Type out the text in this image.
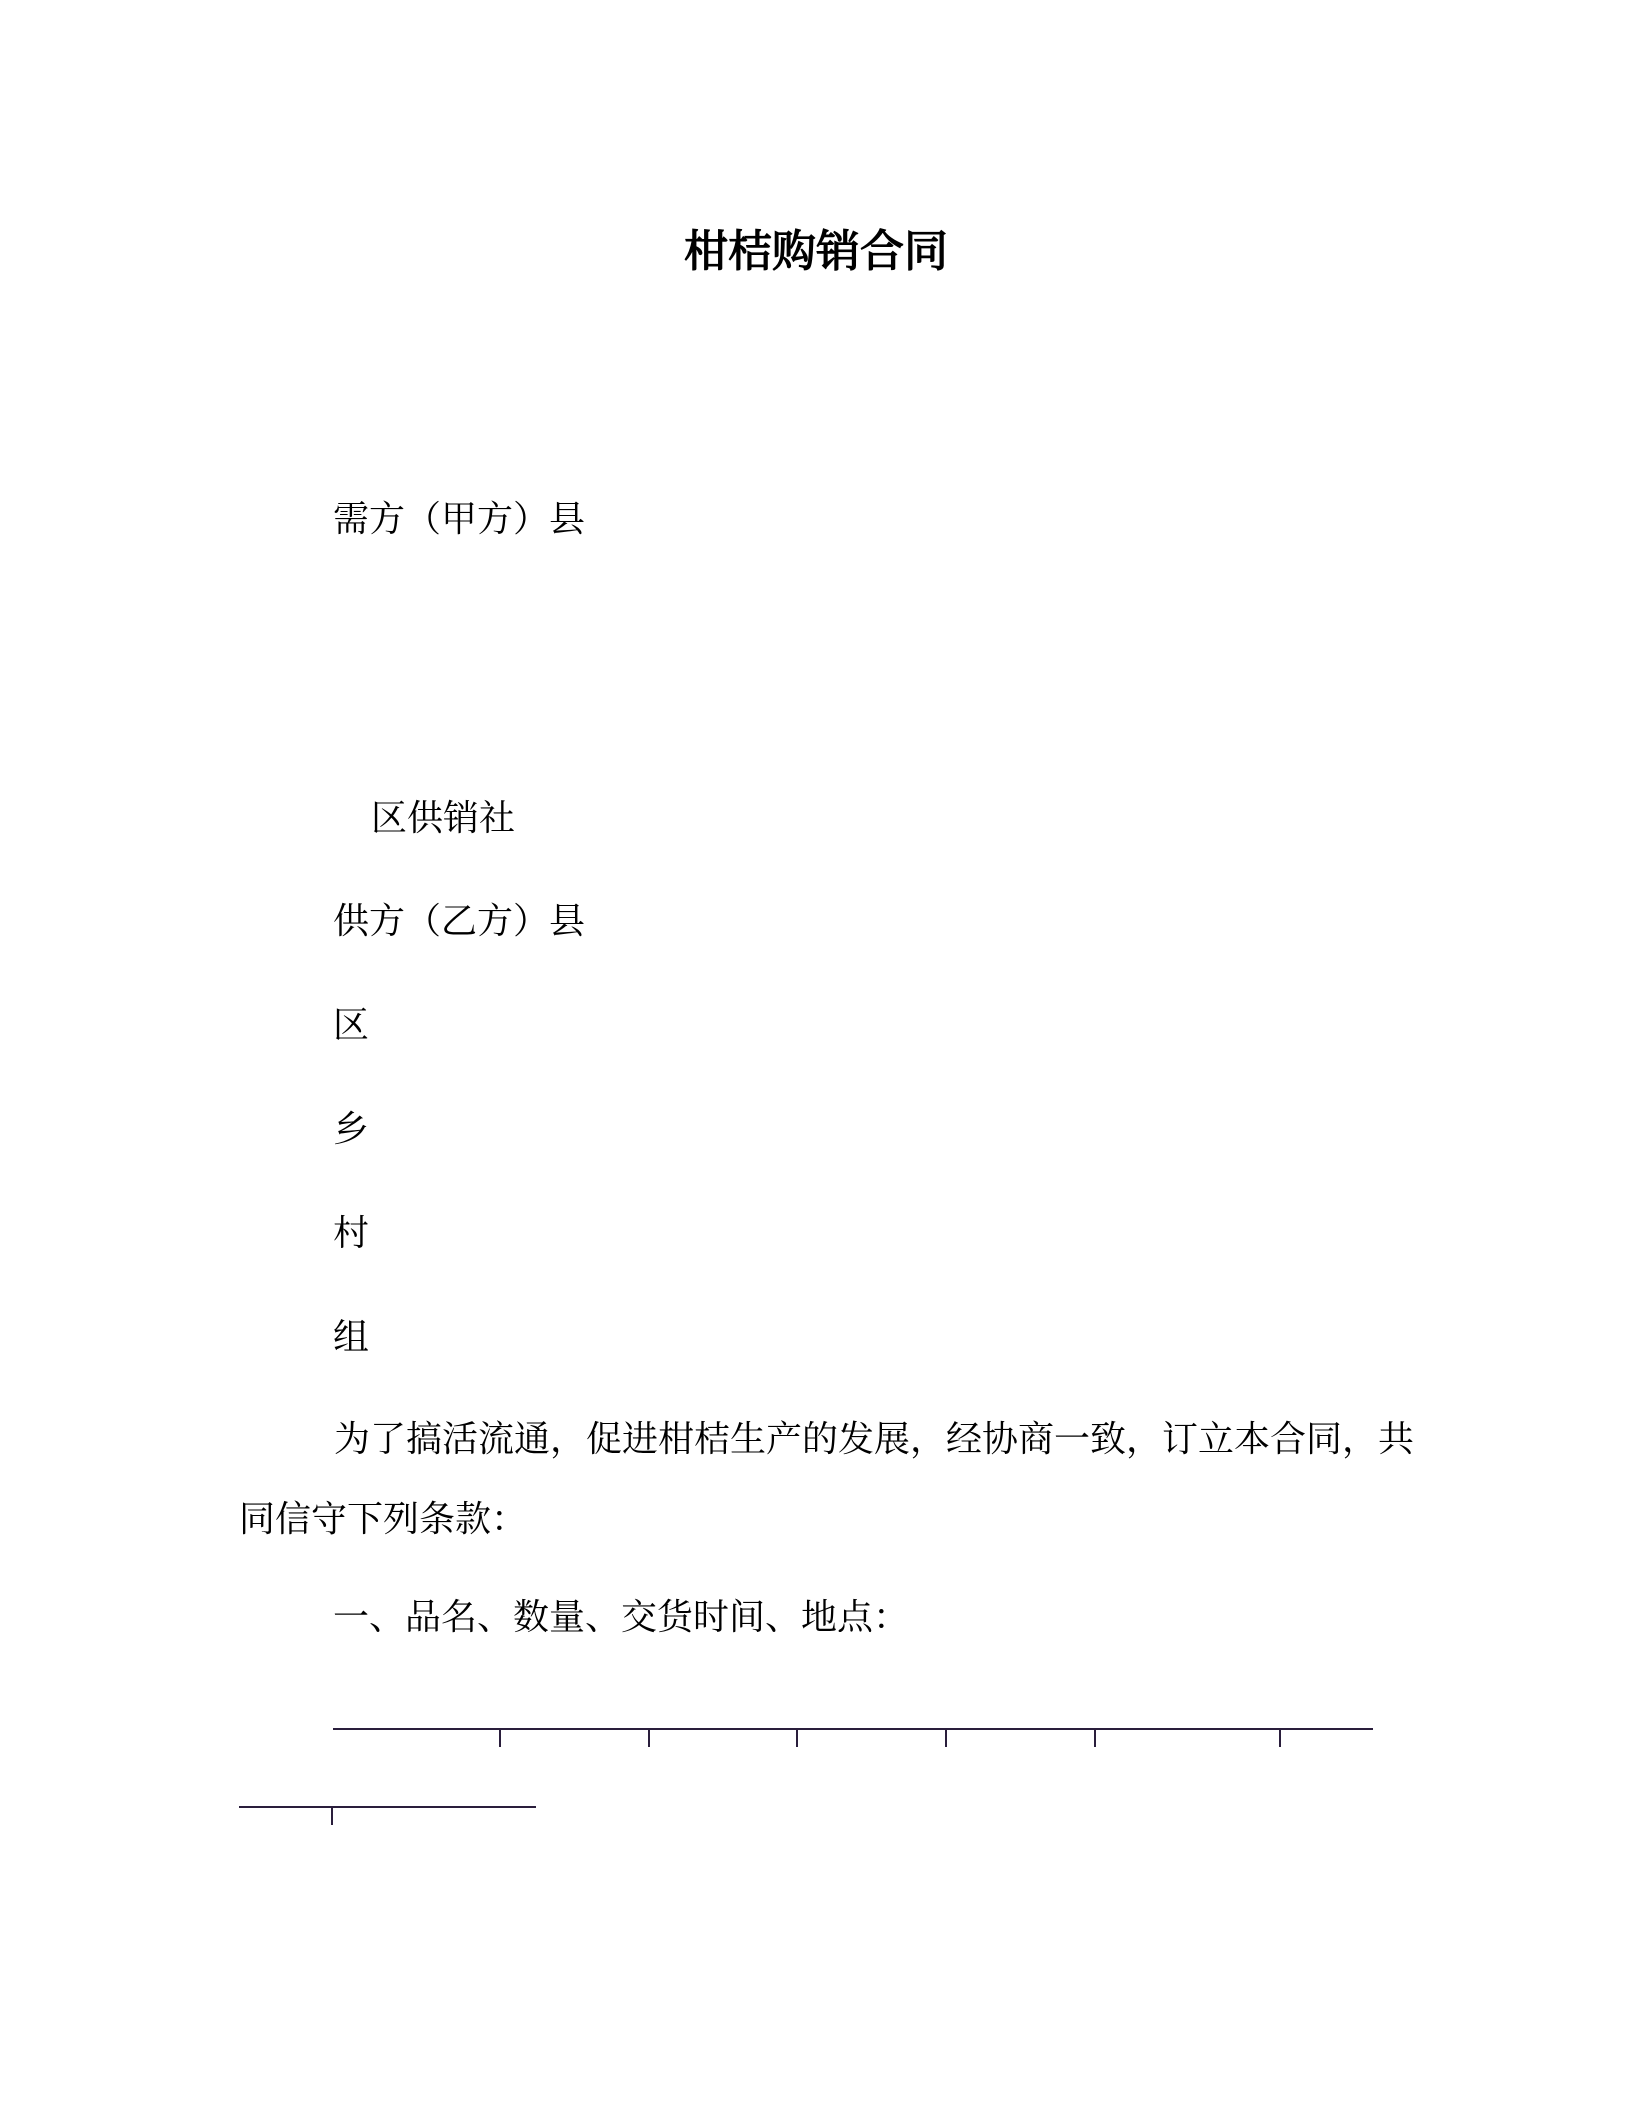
柑桔购销合同
需方（甲方）县
区供销社
供方（乙方）县
区
乡
村
组
为了搞活流通，促进柑桔生产的发展，经协商一致，订立本合同，共同信守下列条款：
一、品名、数量、交货时间、地点：
